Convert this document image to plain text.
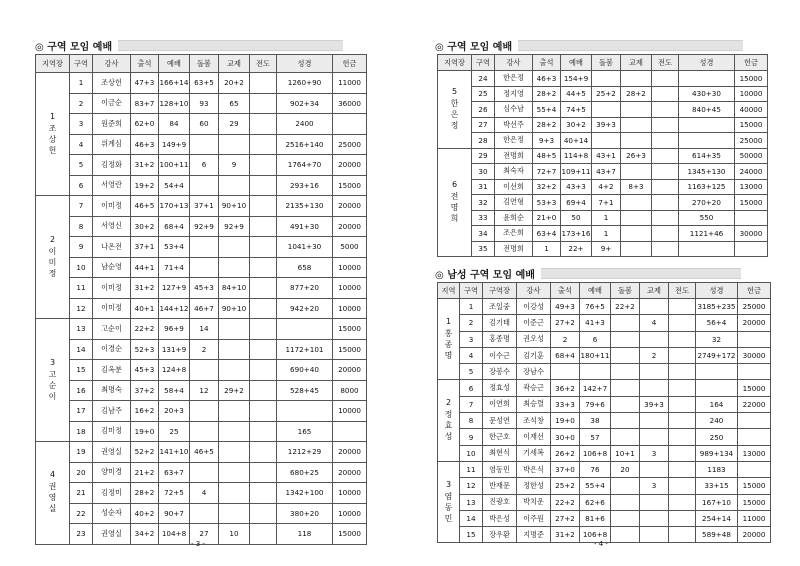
◎ 구역 모임 예배
지역장	구역	강사	출석	예배	돌봄	교제	전도	성경	헌금
1조상헌	1	조상헌	47+3	166+14	63+5	20+2		1260+90	11000
	2	이금순	83+7	128+10	93	65		902+34	36000
	3	원준희	62+0	84	60	29		2400	
	4	위계심	46+3	149+9				2516+140	25000
	5	김정화	31+2	100+11	6	9		1764+70	20000
	6	서영란	19+2	54+4				293+16	15000
2이미정	7	이미정	46+5	170+13	37+1	90+10		2135+130	20000
	8	서영신	30+2	68+4	92+9	92+9		491+30	20000
	9	나온전	37+1	53+4				1041+30	5000
	10	남순영	44+1	71+4				658	10000
	11	이미정	31+2	127+9	45+3	84+10		877+20	10000
	12	이미정	40+1	144+12	46+7	90+10		942+20	10000
3고순이	13	고순이	22+2	96+9	14				15000
	14	이경순	52+3	131+9	2			1172+101	15000
	15	김옥분	45+3	124+8				690+40	20000
	16	최명숙	37+2	58+4	12	29+2		528+45	8000
	17	김남주	16+2	20+3					10000
	18	김미정	19+0	25				165	
4권영실	19	권영실	52+2	141+10	46+5			1212+29	20000
	20	양미경	21+2	63+7				680+25	20000
	21	김정미	28+2	72+5	4			1342+100	10000
	22	성순자	40+2	90+7				380+20	10000
	23	권영실	34+2	104+8	27	10		118	15000
- 3 -
◎ 구역 모임 예배
지역장	구역	강사	출석	예배	돌봄	교제	전도	성경	헌금
5한은정	24	한은정	46+3	154+9					15000
	25	정지영	28+2	44+5	25+2	28+2		430+30	10000
	26	심수남	55+4	74+5				840+45	40000
	27	박선주	28+2	30+2	39+3				15000
	28	한은정	9+3	40+14					25000
6전명희	29	전명희	48+5	114+8	43+1	26+3		614+35	50000
	30	최숙자	72+7	109+11	43+7			1345+130	24000
	31	이선희	32+2	43+3	4+2	8+3		1163+125	13000
	32	김연형	53+3	69+4	7+1			270+20	15000
	33	윤희순	21+0	50	1			550	
	34	조은희	63+4	173+16	1			1121+46	30000
	35	전명희	1	22+	9+				
◎ 남성 구역 모임 예배
지역	구역	구역장	강사	출석	예배	돌봄	교제	전도	성경	헌금
1홍종명	1	조일중	이강성	49+3	76+5	22+2			3185+235	25000
	2	김기태	이준근	27+2	41+3		4		56+4	20000
	3	홍종명	권오성	2	6				32	
	4	이수근	김기훈	68+4	180+11		2		2749+172	30000
	5	장봉수	장남수							
2정효성	6	정효성	곽승근	36+2	142+7					15000
	7	이연희	최승렬	33+3	79+6		39+3		164	22000
	8	문성연	조석창	19+0	38				240	
	9	한근호	이재선	30+0	57				250	
	10	최현식	기세복	26+2	106+8	10+1	3		989+134	13000
3염동민	11	염동민	박은식	37+0	76	20			1183	
	12	반재문	정한성	25+2	55+4		3		33+15	15000
	13	진광호	박치운	22+2	62+6				167+10	15000
	14	박은성	이주원	27+2	81+6				254+14	11000
	15	장우환	지명준	31+2	106+8				589+48	20000
- 4 -
